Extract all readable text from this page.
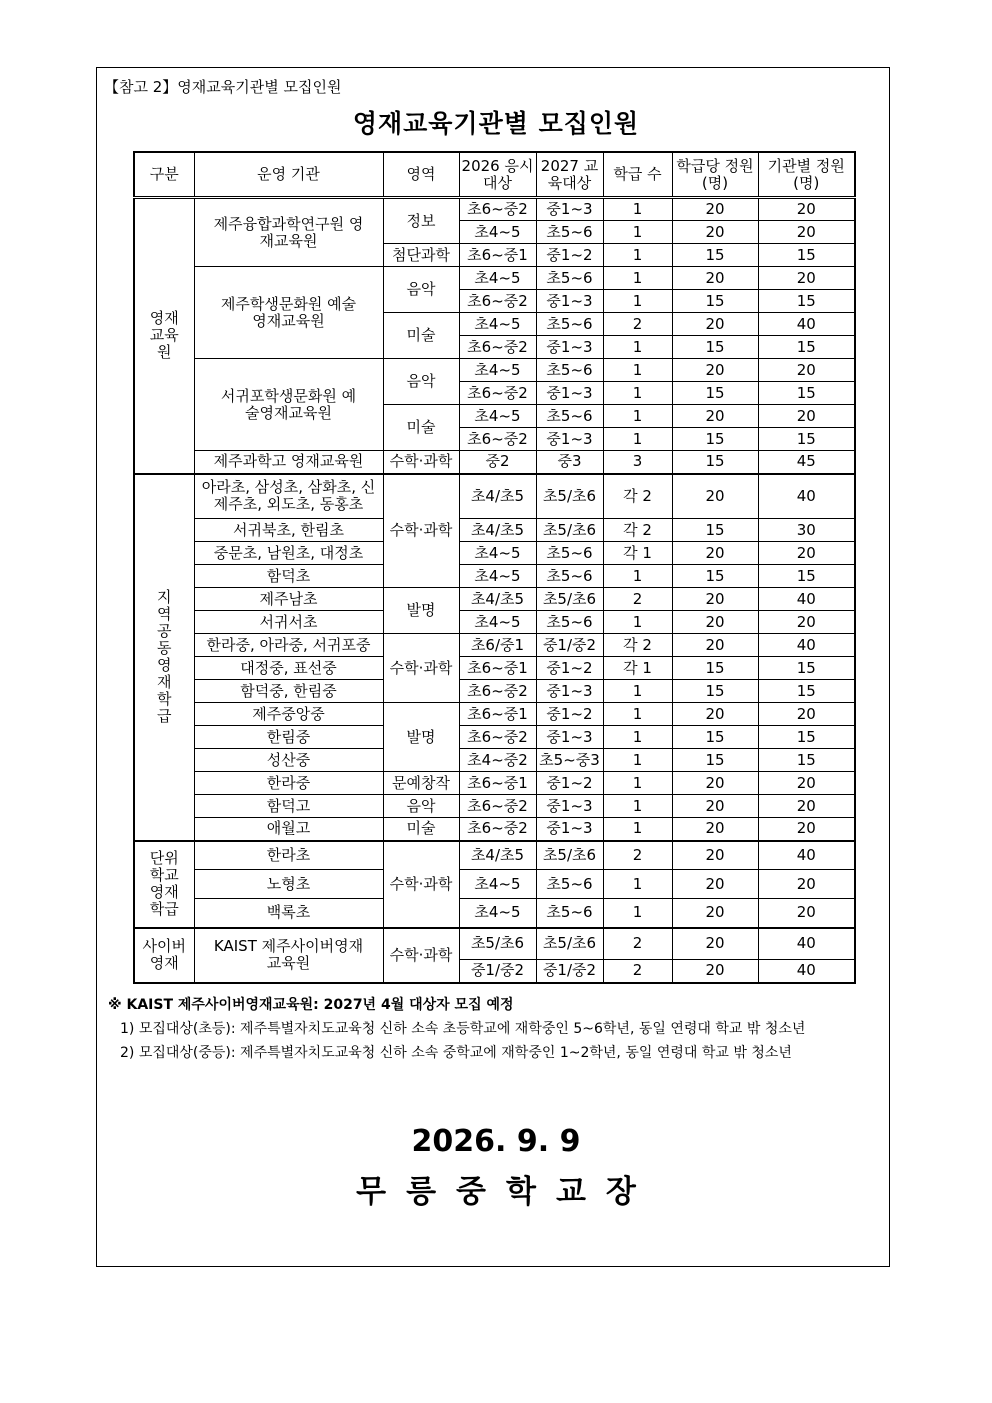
【참고 2】영재교육기관별 모집인원
영재교육기관별 모집인원
구분	운영 기관	영역	2026 응시대상	2027 교육대상	학급 수	학급당 정원(명)	기관별 정원(명)
영재 교육원	제주융합과학연구원 영재교육원	정보	초6~중2	중1~3	1	20	20
			초4~5	초5~6	1	20	20
		첨단과학	초6~중1	중1~2	1	15	15
	제주학생문화원 예술영재교육원	음악	초4~5	초5~6	1	20	20
			초6~중2	중1~3	1	15	15
		미술	초4~5	초5~6	2	20	40
			초6~중2	중1~3	1	15	15
	서귀포학생문화원 예술영재교육원	음악	초4~5	초5~6	1	20	20
			초6~중2	중1~3	1	15	15
		미술	초4~5	초5~6	1	20	20
			초6~중2	중1~3	1	15	15
	제주과학고 영재교육원	수학·과학	중2	중3	3	15	45
지역 공동 영재 학급	아라초, 삼성초, 삼화초, 신제주초, 외도초, 동홍초	수학·과학	초4/초5	초5/초6	각 2	20	40
	서귀북초, 한림초		초4/초5	초5/초6	각 2	15	30
	중문초, 남원초, 대정초		초4~5	초5~6	각 1	20	20
	함덕초		초4~5	초5~6	1	15	15
	제주남초	발명	초4/초5	초5/초6	2	20	40
	서귀서초		초4~5	초5~6	1	20	20
	한라중, 아라중, 서귀포중	수학·과학	초6/중1	중1/중2	각 2	20	40
	대정중, 표선중		초6~중1	중1~2	각 1	15	15
	함덕중, 한림중		초6~중2	중1~3	1	15	15
	제주중앙중	발명	초6~중1	중1~2	1	20	20
	한림중		초6~중2	중1~3	1	15	15
	성산중		초4~중2	초5~중3	1	15	15
	한라중	문예창작	초6~중1	중1~2	1	20	20
	함덕고	음악	초6~중2	중1~3	1	20	20
	애월고	미술	초6~중2	중1~3	1	20	20
단위 학교 영재 학급	한라초	수학·과학	초4/초5	초5/초6	2	20	40
	노형초		초4~5	초5~6	1	20	20
	백록초		초4~5	초5~6	1	20	20
사이버 영재	KAIST 제주사이버영재교육원	수학·과학	초5/초6	초5/초6	2	20	40
			중1/중2	중1/중2	2	20	40
※ KAIST 제주사이버영재교육원: 2027년 4월 대상자 모집 예정
1) 모집대상(초등): 제주특별자치도교육청 신하 소속 초등학교에 재학중인 5~6학년, 동일 연령대 학교 밖 청소년
2) 모집대상(중등): 제주특별자치도교육청 신하 소속 중학교에 재학중인 1~2학년, 동일 연령대 학교 밖 청소년
2026. 9. 9
무릉중학교장
